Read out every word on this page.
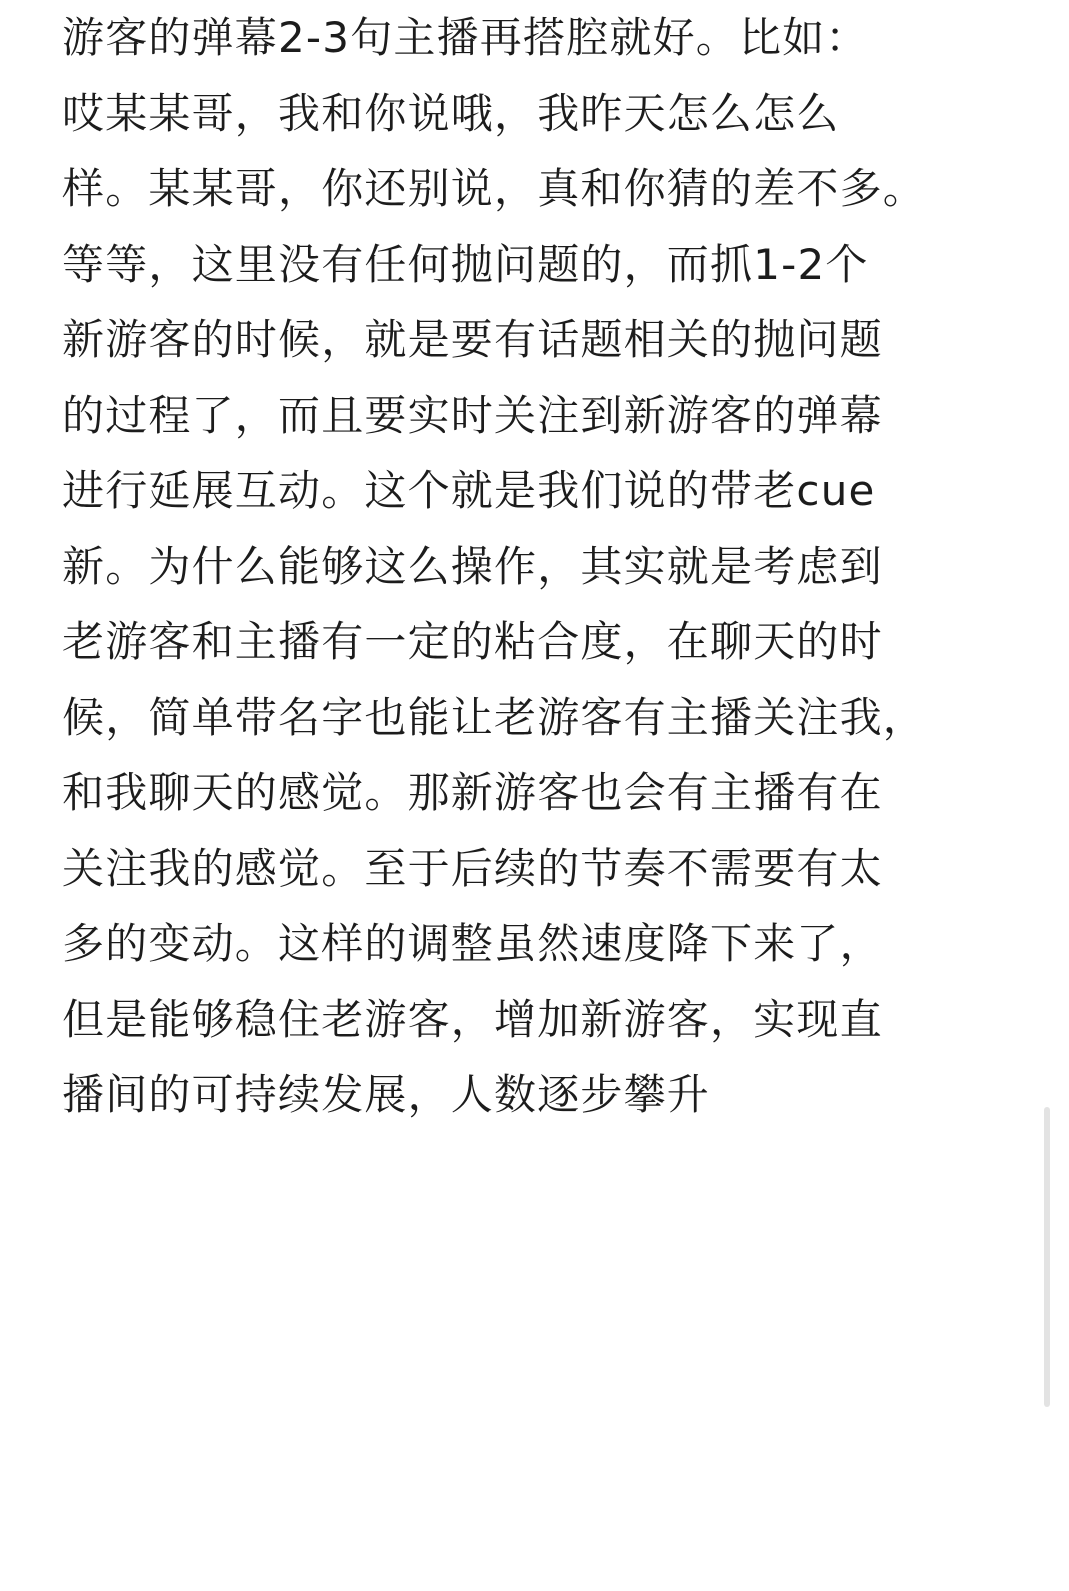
游客的弹幕2-3句主播再搭腔就好。比如：
哎某某哥，我和你说哦，我昨天怎么怎么
样。某某哥，你还别说，真和你猜的差不多。
等等，这里没有任何抛问题的，而抓1-2个
新游客的时候，就是要有话题相关的抛问题
的过程了，而且要实时关注到新游客的弹幕
进行延展互动。这个就是我们说的带老cue
新。为什么能够这么操作，其实就是考虑到
老游客和主播有一定的粘合度，在聊天的时
候，简单带名字也能让老游客有主播关注我，
和我聊天的感觉。那新游客也会有主播有在
关注我的感觉。至于后续的节奏不需要有太
多的变动。这样的调整虽然速度降下来了，
但是能够稳住老游客，增加新游客，实现直
播间的可持续发展，人数逐步攀升
